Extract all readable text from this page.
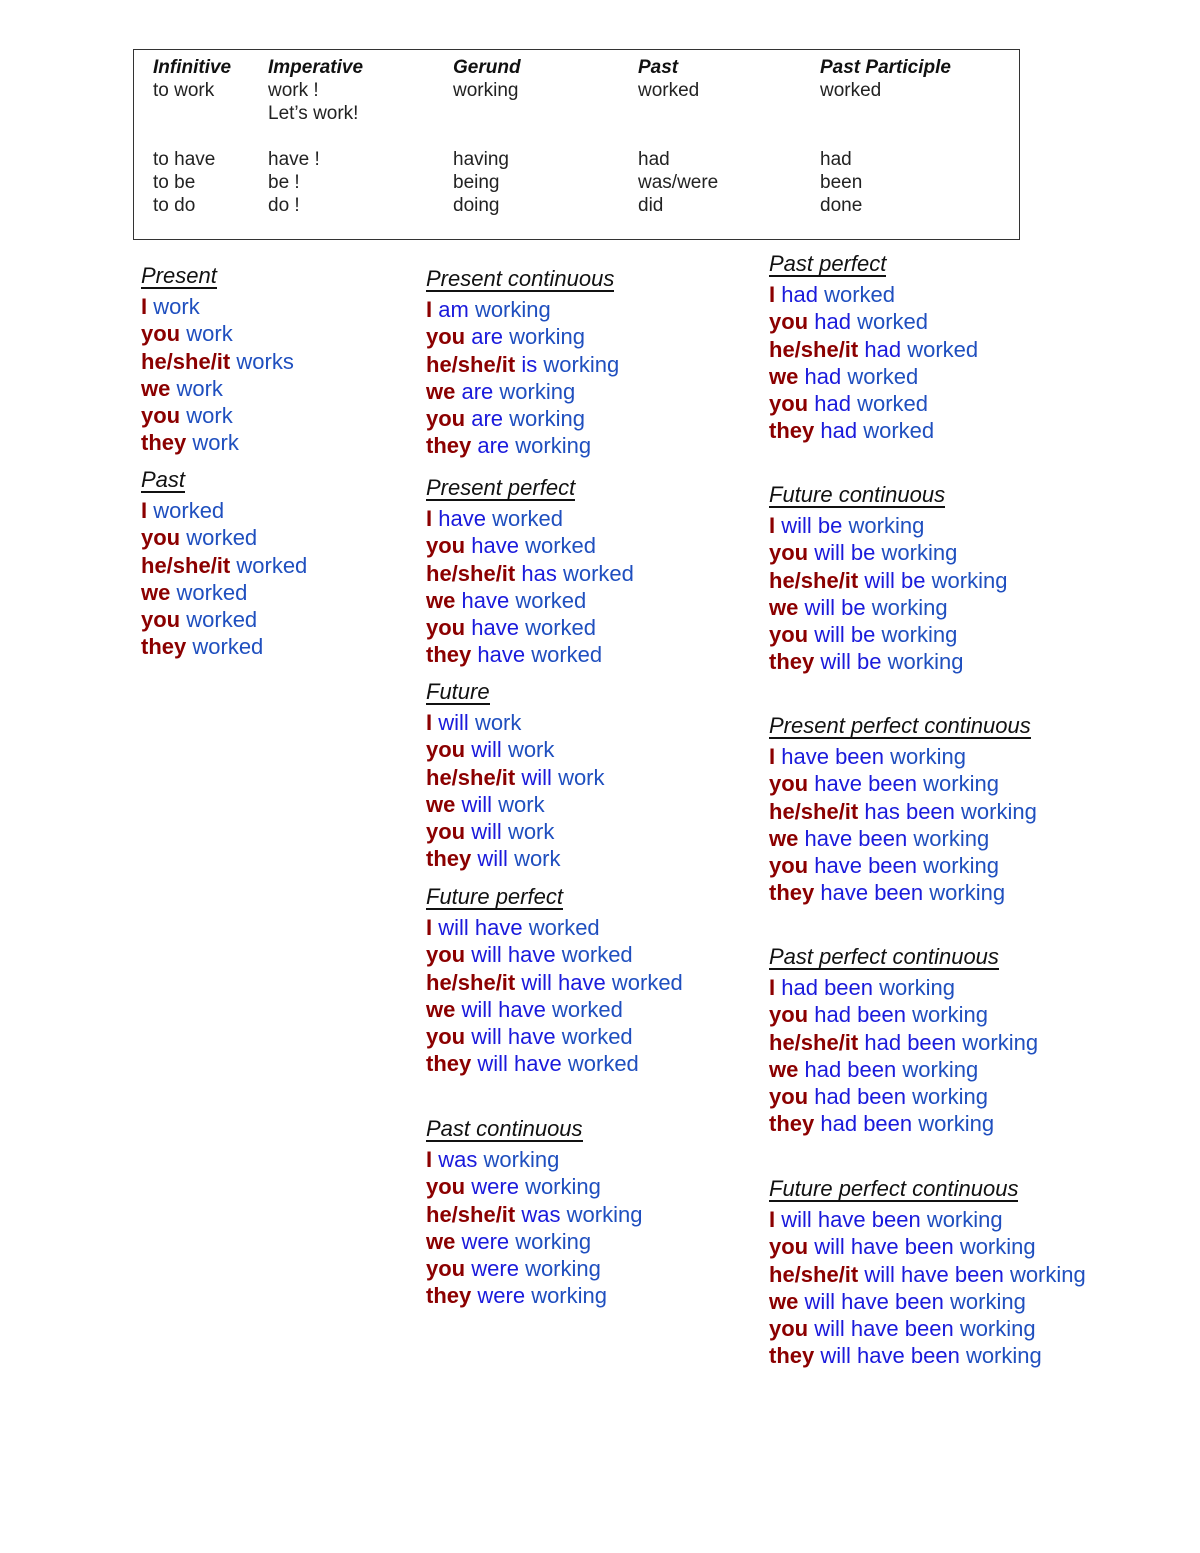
Infinitive
to work
to have
to be
to do
Imperative
work !
Let’s work!
have !
be !
do !
Gerund
working
having
being
doing
Past
worked
had
was/were
did
Past Participle
worked
had
been
done
Present
I work
you work
he/she/it works
we work
you work
they work
Past
I worked
you worked
he/she/it worked
we worked
you worked
they worked
Present continuous
I am working
you are working
he/she/it is working
we are working
you are working
they are working
Present perfect
I have worked
you have worked
he/she/it has worked
we have worked
you have worked
they have worked
Future
I will work
you will work
he/she/it will work
we will work
you will work
they will work
Future perfect
I will have worked
you will have worked
he/she/it will have worked
we will have worked
you will have worked
they will have worked
Past continuous
I was working
you were working
he/she/it was working
we were working
you were working
they were working
Past perfect
I had worked
you had worked
he/she/it had worked
we had worked
you had worked
they had worked
Future continuous
I will be working
you will be working
he/she/it will be working
we will be working
you will be working
they will be working
Present perfect continuous
I have been working
you have been working
he/she/it has been working
we have been working
you have been working
they have been working
Past perfect continuous
I had been working
you had been working
he/she/it had been working
we had been working
you had been working
they had been working
Future perfect continuous
I will have been working
you will have been working
he/she/it will have been working
we will have been working
you will have been working
they will have been working
